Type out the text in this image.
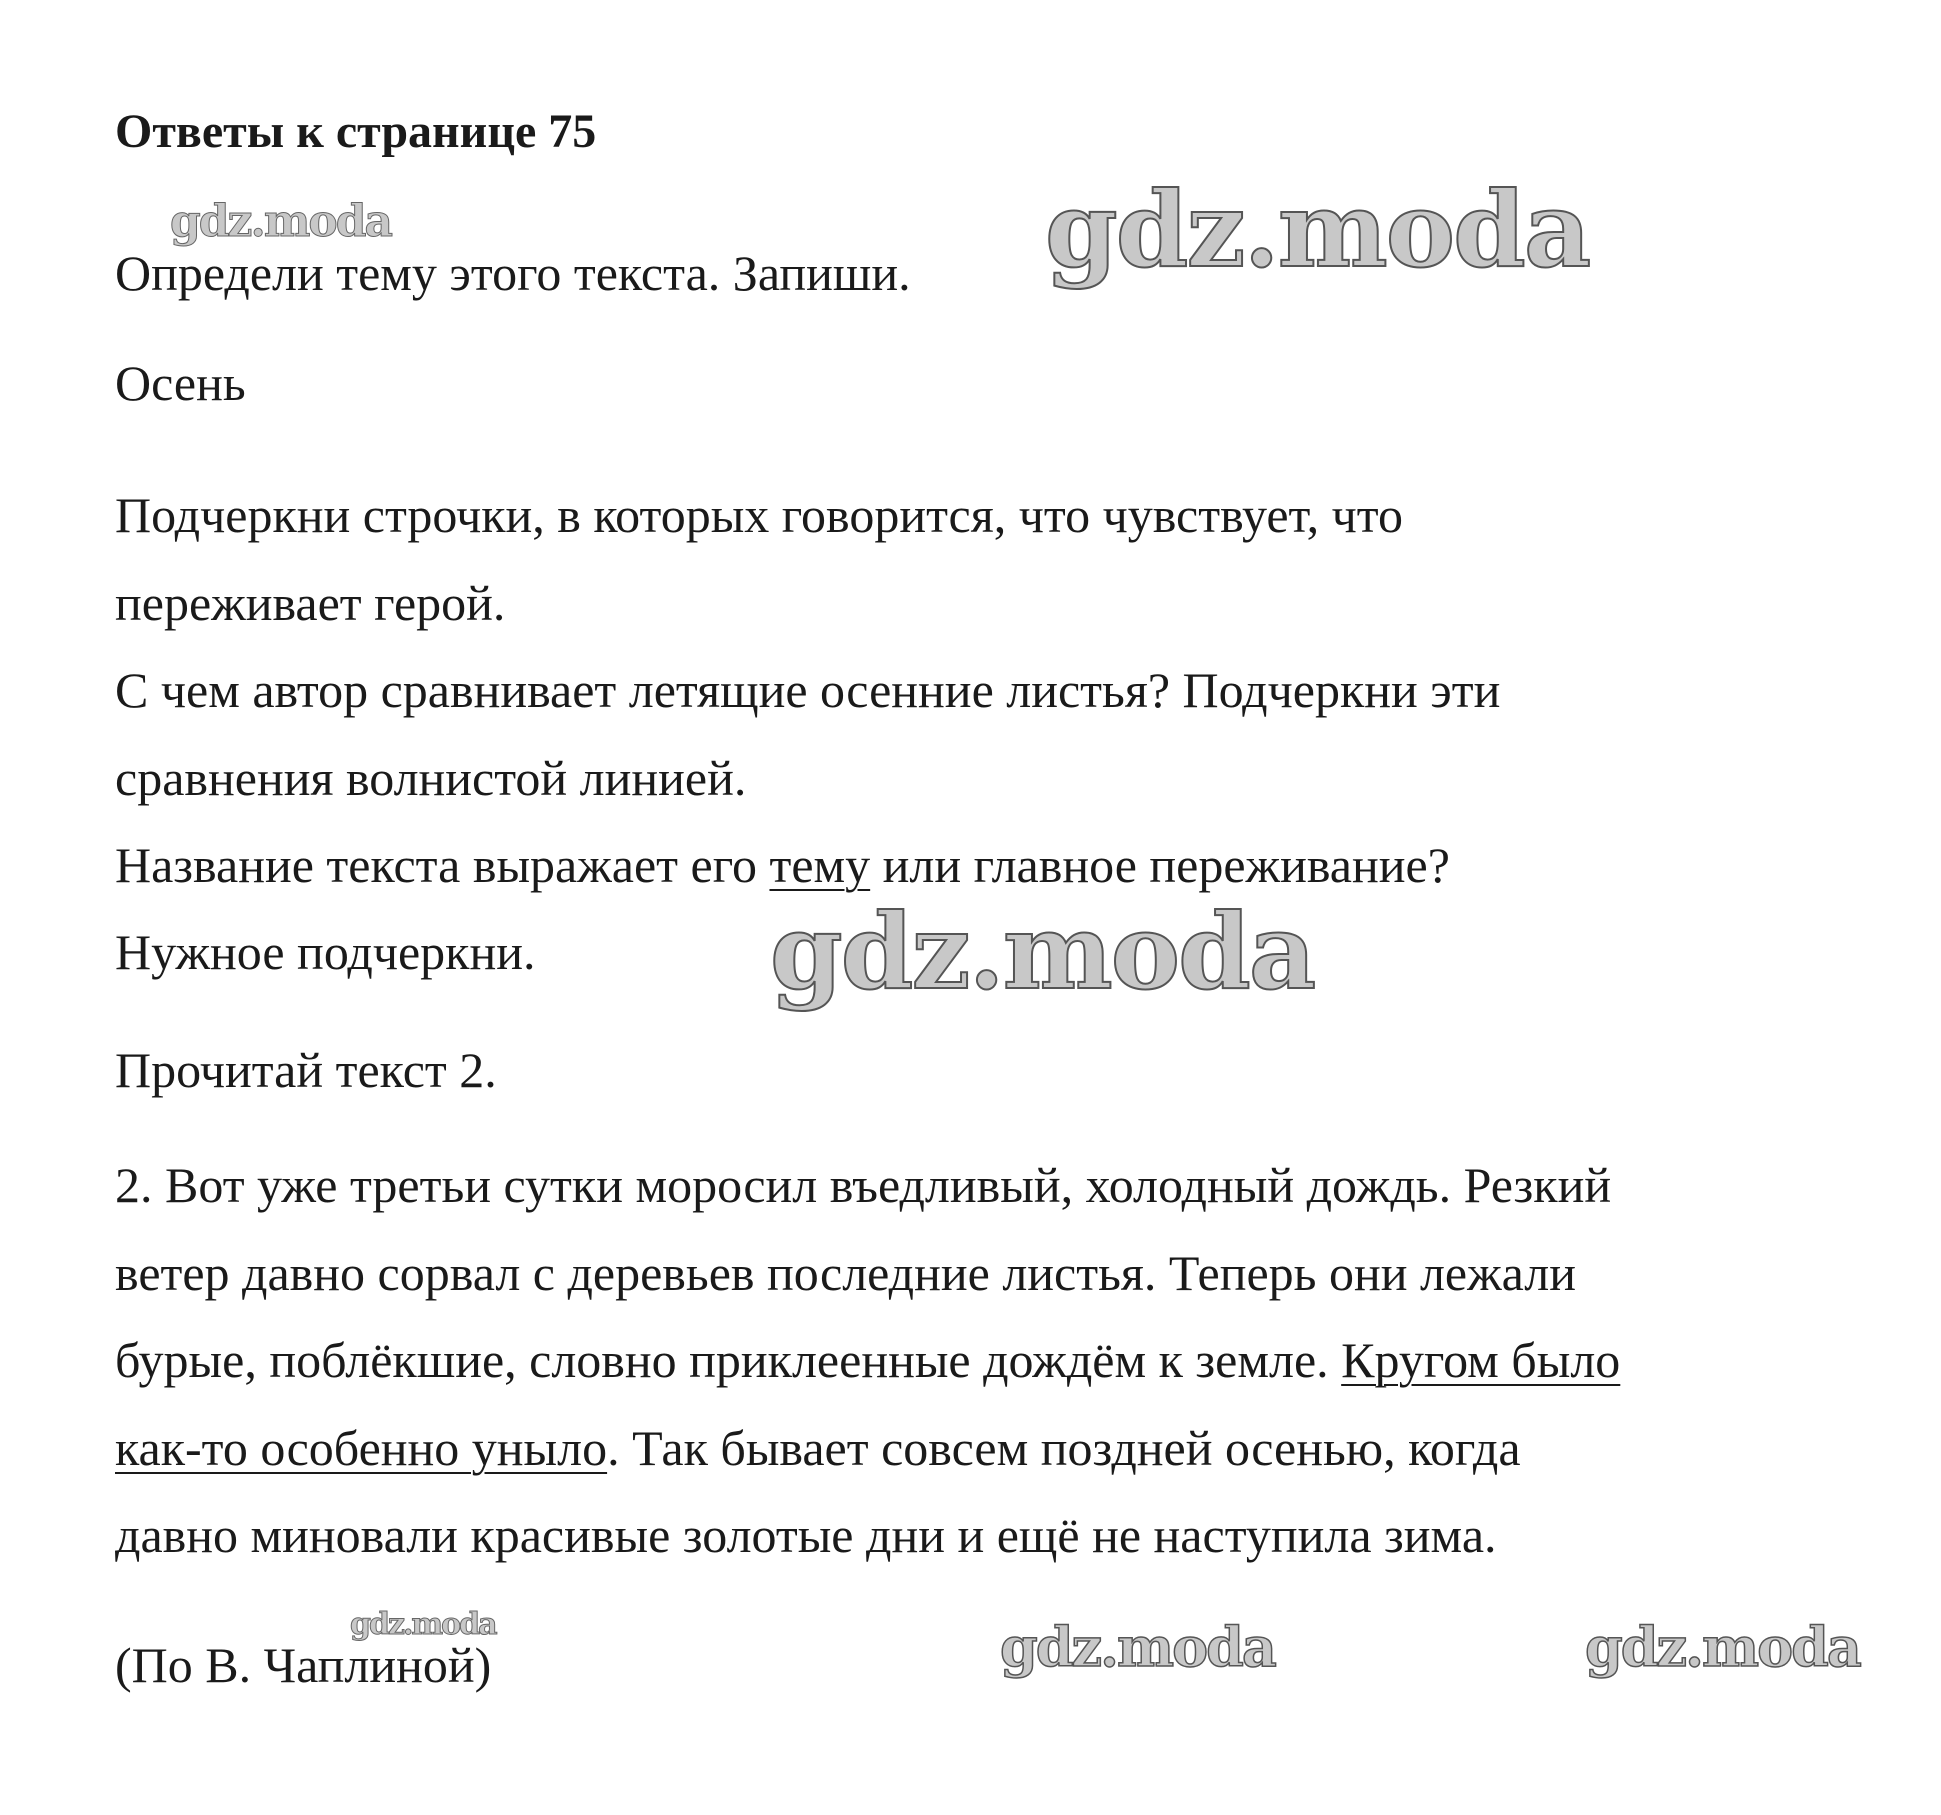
Ответы к странице 75
Определи тему этого текста. Запиши.
Осень
Подчеркни строчки, в которых говорится, что чувствует, что
переживает герой.
С чем автор сравнивает летящие осенние листья? Подчеркни эти
сравнения волнистой линией.
Название текста выражает его тему или главное переживание?
Нужное подчеркни.
Прочитай текст 2.
2. Вот уже третьи сутки моросил въедливый, холодный дождь. Резкий
ветер давно сорвал с деревьев последние листья. Теперь они лежали
бурые, поблёкшие, словно приклеенные дождём к земле. Кругом было
как-то особенно уныло. Так бывает совсем поздней осенью, когда
давно миновали красивые золотые дни и ещё не наступила зима.
(По В. Чаплиной)
gdz.moda	gdz.moda
gdz.moda
gdz.moda	gdz.moda	gdz.moda
